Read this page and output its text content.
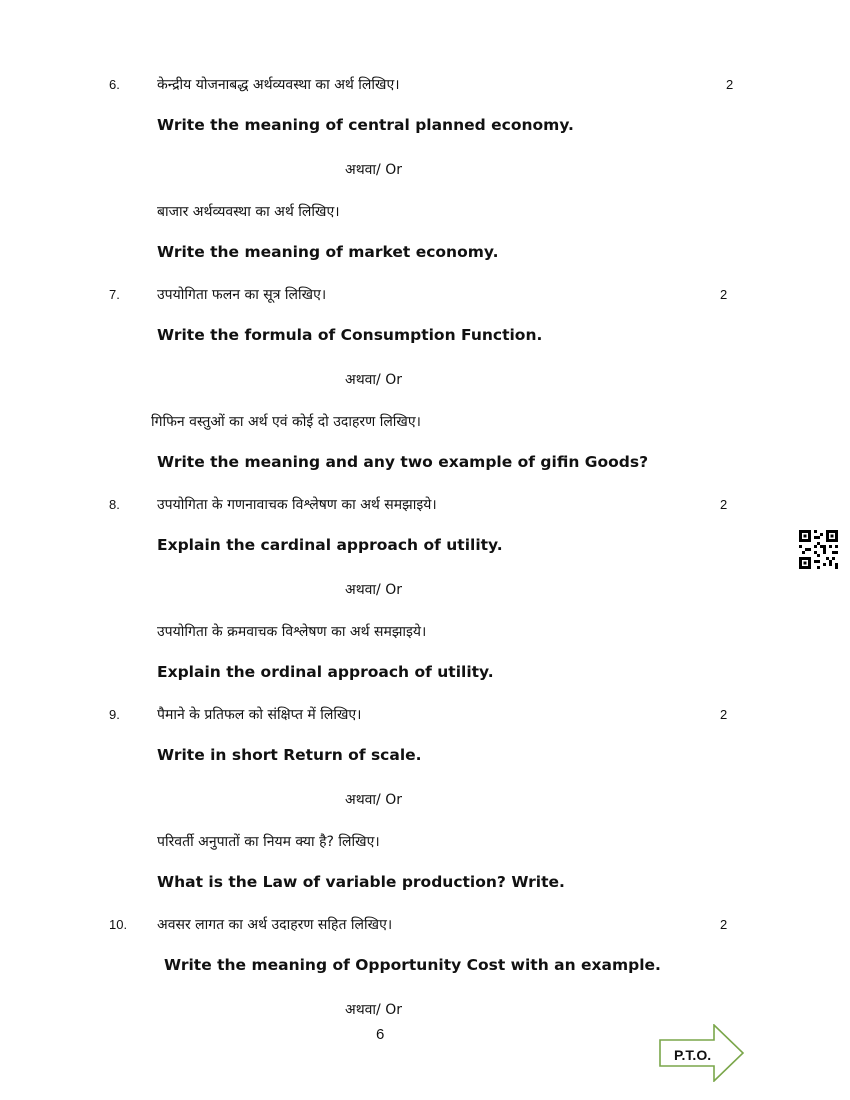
6.	केन्द्रीय योजनाबद्ध अर्थव्यवस्था का अर्थ लिखिए।	2
Write the meaning of central planned economy.
अथवा/ Or
बाजार अर्थव्यवस्था का अर्थ लिखिए।
Write the meaning of market economy.
7.	उपयोगिता फलन का सूत्र लिखिए।	2
Write the formula of Consumption Function.
अथवा/ Or
गिफिन वस्तुओं का अर्थ एवं कोई दो उदाहरण लिखिए।
Write the meaning and any two example of gifin Goods?
8.	उपयोगिता के गणनावाचक विश्लेषण का अर्थ समझाइये।	2
Explain the cardinal approach of utility.
अथवा/ Or
उपयोगिता के क्रमवाचक विश्लेषण का अर्थ समझाइये।
Explain the ordinal approach of utility.
9.	पैमाने के प्रतिफल को संक्षिप्त में लिखिए।	2
Write in short Return of scale.
अथवा/ Or
परिवर्ती अनुपातों का नियम क्या है? लिखिए।
What is the Law of variable production? Write.
10. अवसर लागत का अर्थ उदाहरण सहित लिखिए।	2
Write the meaning of Opportunity Cost with an example.
अथवा/ Or
6
P.T.O.
